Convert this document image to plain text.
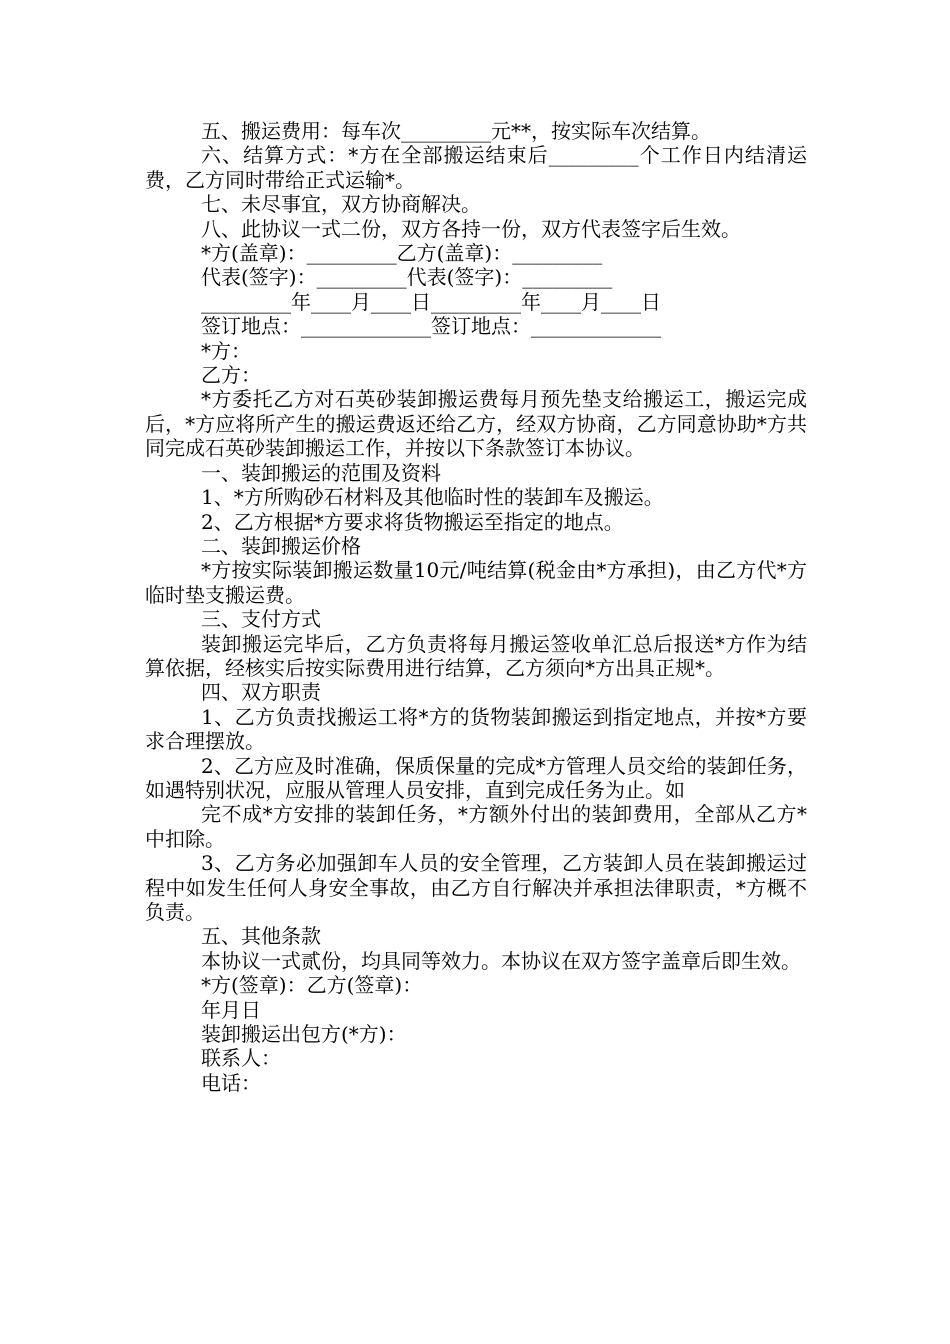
五、搬运费用：每车次_________元**，按实际车次结算。

六、结算方式：*方在全部搬运结束后_________个工作日内结清运费，乙方同时带给正式运输*。

七、未尽事宜，双方协商解决。

八、此协议一式二份，双方各持一份，双方代表签字后生效。

*方(盖章)：_________乙方(盖章)：_________

代表(签字)：_________代表(签字)：_________

_________年____月____日_________年____月____日

签订地点：_____________签订地点：_____________

*方：

乙方：

*方委托乙方对石英砂装卸搬运费每月预先垫支给搬运工，搬运完成后，*方应将所产生的搬运费返还给乙方，经双方协商，乙方同意协助*方共同完成石英砂装卸搬运工作，并按以下条款签订本协议。

一、装卸搬运的范围及资料

1、*方所购砂石材料及其他临时性的装卸车及搬运。

2、乙方根据*方要求将货物搬运至指定的地点。

二、装卸搬运价格

*方按实际装卸搬运数量10元/吨结算(税金由*方承担)，由乙方代*方临时垫支搬运费。

三、支付方式

装卸搬运完毕后，乙方负责将每月搬运签收单汇总后报送*方作为结算依据，经核实后按实际费用进行结算，乙方须向*方出具正规*。

四、双方职责

1、乙方负责找搬运工将*方的货物装卸搬运到指定地点，并按*方要求合理摆放。

2、乙方应及时准确，保质保量的完成*方管理人员交给的装卸任务，如遇特别状况，应服从管理人员安排，直到完成任务为止。如

完不成*方安排的装卸任务，*方额外付出的装卸费用，全部从乙方*中扣除。

3、乙方务必加强卸车人员的安全管理，乙方装卸人员在装卸搬运过程中如发生任何人身安全事故，由乙方自行解决并承担法律职责，*方概不负责。

五、其他条款

本协议一式贰份，均具同等效力。本协议在双方签字盖章后即生效。

*方(签章)：乙方(签章)：

年月日

装卸搬运出包方(*方)：

联系人：

电话：
